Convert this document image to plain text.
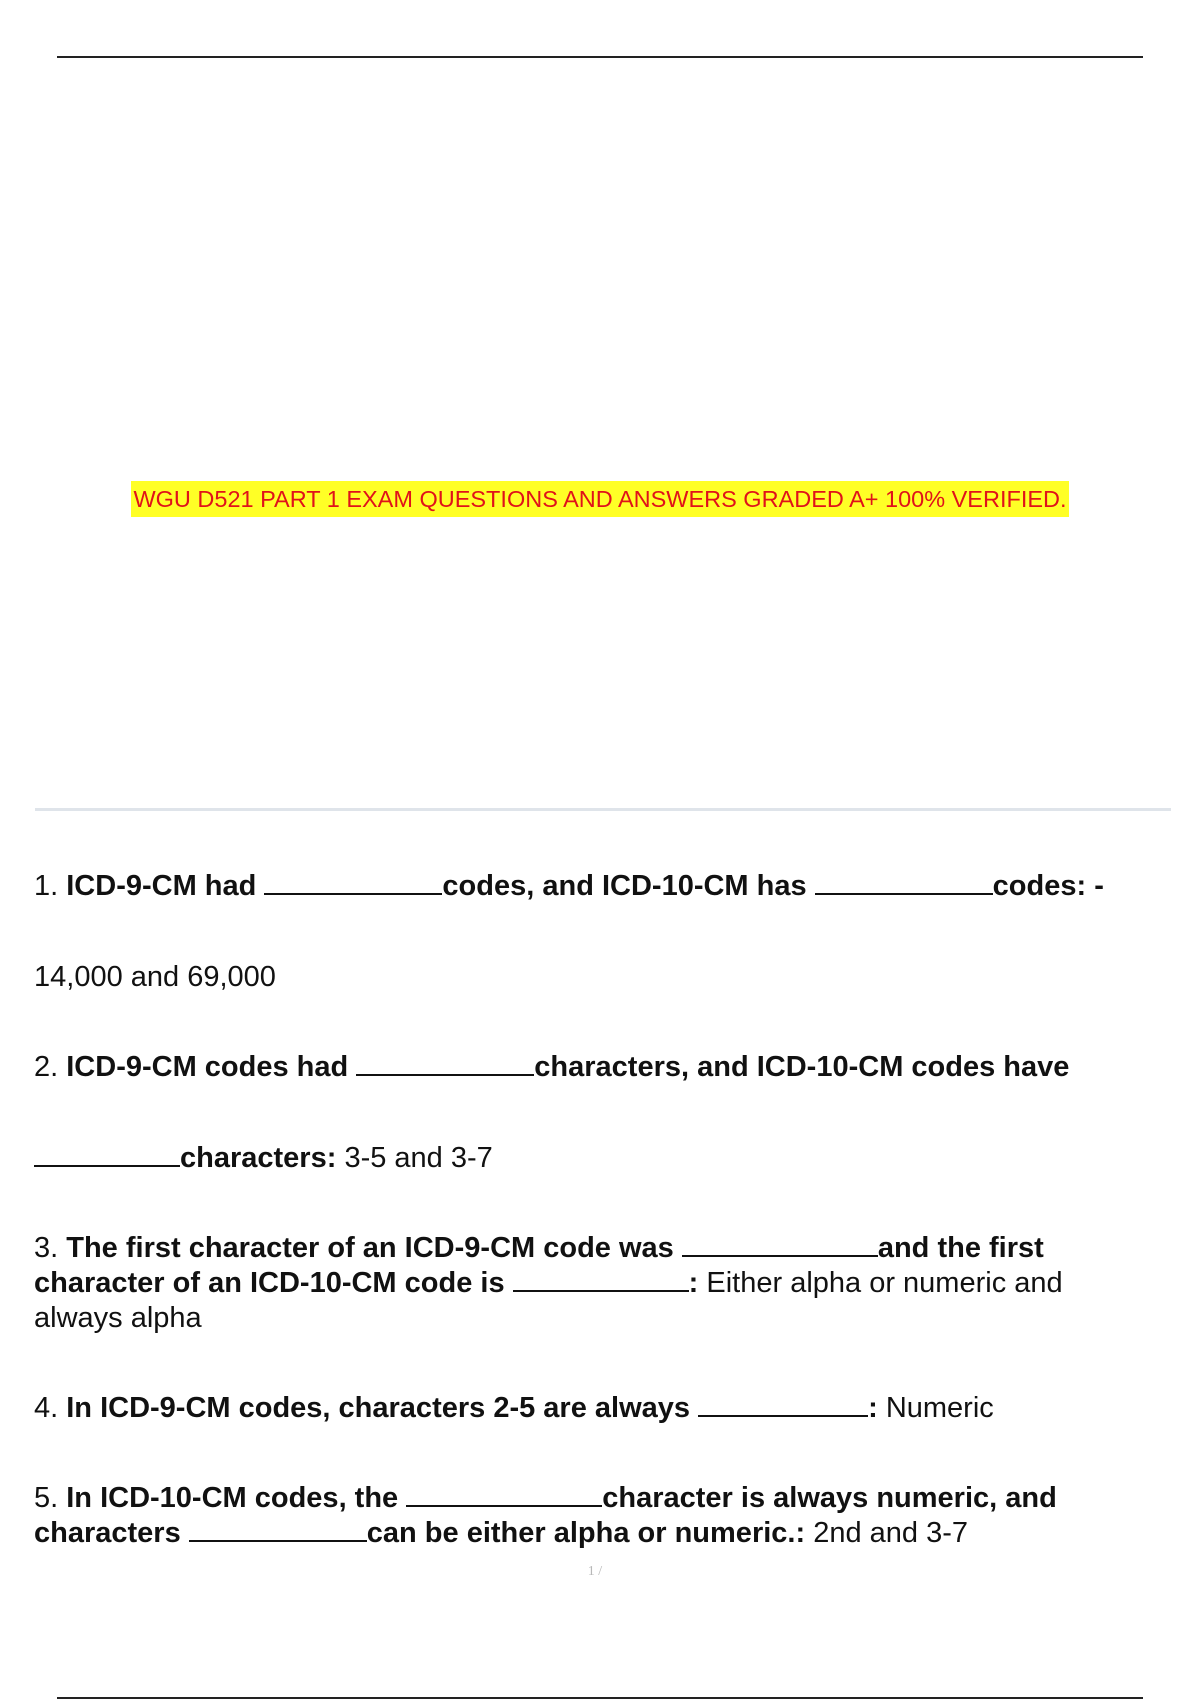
WGU D521 PART 1 EXAM QUESTIONS AND ANSWERS GRADED A+ 100% VERIFIED.
1. ICD-9-CM had	codes, and ICD-10-CM has	codes: -
14,000 and 69,000
2. ICD-9-CM codes had	characters, and ICD-10-CM codes have
characters: 3-5 and 3-7
3. The first character of an ICD-9-CM code was	and the first
character of an ICD-10-CM code is	: Either alpha or numeric and
always alpha
4. In ICD-9-CM codes, characters 2-5 are always	: Numeric
5. In ICD-10-CM codes, the	character is always numeric, and
characters	can be either alpha or numeric.: 2nd and 3-7
1 /
